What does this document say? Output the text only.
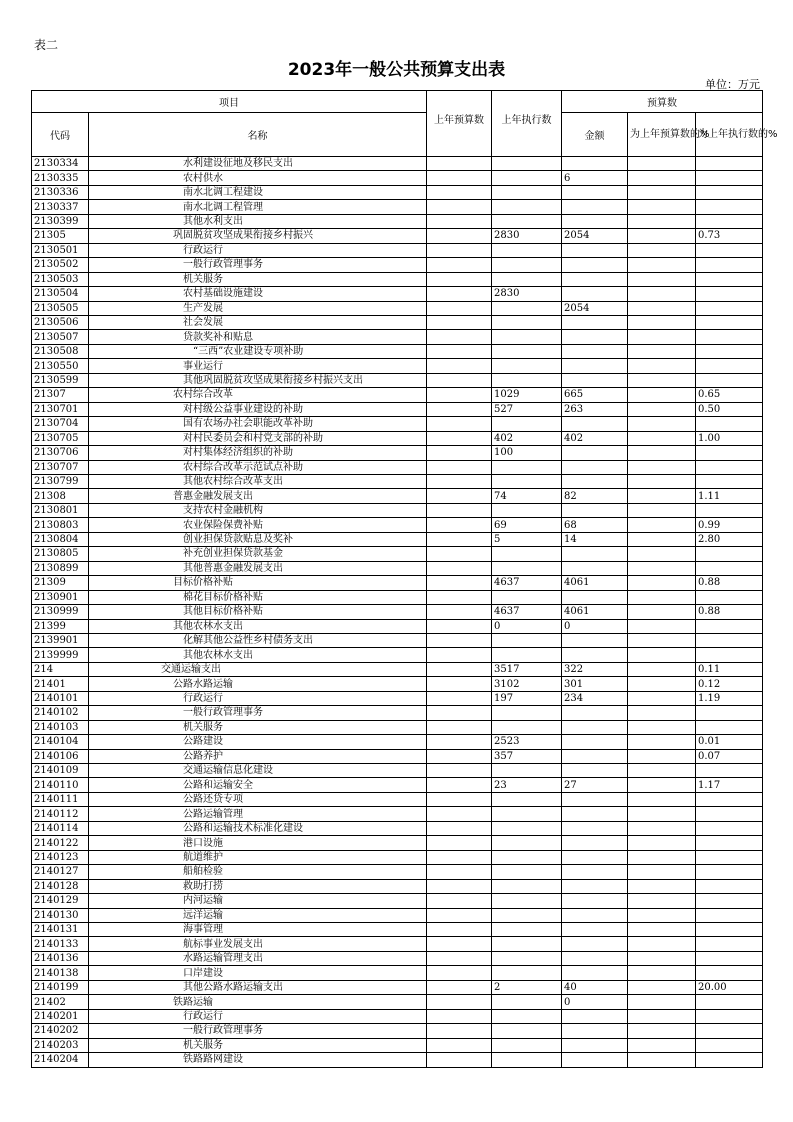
表二
2023年一般公共预算支出表
单位：万元
项目		上年预算数	上年执行数	预算数		
代码	名称			金额	为上年预算数的%	为上年执行数的%
2130334	水利建设征地及移民支出					
2130335	农村供水			6		
2130336	南水北调工程建设					
2130337	南水北调工程管理					
2130399	其他水利支出					
21305	巩固脱贫攻坚成果衔接乡村振兴		2830	2054		0.73
2130501	行政运行					
2130502	一般行政管理事务					
2130503	机关服务					
2130504	农村基础设施建设		2830			
2130505	生产发展			2054		
2130506	社会发展					
2130507	贷款奖补和贴息					
2130508	“三西”农业建设专项补助					
2130550	事业运行					
2130599	其他巩固脱贫攻坚成果衔接乡村振兴支出					
21307	农村综合改革		1029	665		0.65
2130701	对村级公益事业建设的补助		527	263		0.50
2130704	国有农场办社会职能改革补助					
2130705	对村民委员会和村党支部的补助		402	402		1.00
2130706	对村集体经济组织的补助		100			
2130707	农村综合改革示范试点补助					
2130799	其他农村综合改革支出					
21308	普惠金融发展支出		74	82		1.11
2130801	支持农村金融机构					
2130803	农业保险保费补贴		69	68		0.99
2130804	创业担保贷款贴息及奖补		5	14		2.80
2130805	补充创业担保贷款基金					
2130899	其他普惠金融发展支出					
21309	目标价格补贴		4637	4061		0.88
2130901	棉花目标价格补贴					
2130999	其他目标价格补贴		4637	4061		0.88
21399	其他农林水支出		0	0		
2139901	化解其他公益性乡村债务支出					
2139999	其他农林水支出					
214	交通运输支出		3517	322		0.11
21401	公路水路运输		3102	301		0.12
2140101	行政运行		197	234		1.19
2140102	一般行政管理事务					
2140103	机关服务					
2140104	公路建设		2523			0.01
2140106	公路养护		357			0.07
2140109	交通运输信息化建设					
2140110	公路和运输安全		23	27		1.17
2140111	公路还贷专项					
2140112	公路运输管理					
2140114	公路和运输技术标准化建设					
2140122	港口设施					
2140123	航道维护					
2140127	船舶检验					
2140128	救助打捞					
2140129	内河运输					
2140130	远洋运输					
2140131	海事管理					
2140133	航标事业发展支出					
2140136	水路运输管理支出					
2140138	口岸建设					
2140199	其他公路水路运输支出		2	40		20.00
21402	铁路运输			0		
2140201	行政运行					
2140202	一般行政管理事务					
2140203	机关服务					
2140204	铁路路网建设					
